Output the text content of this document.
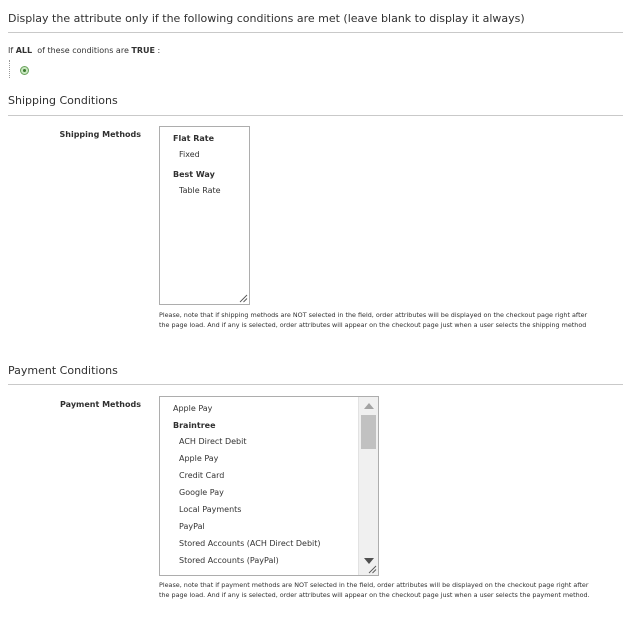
Display the attribute only if the following conditions are met (leave blank to display it always)
If ALL of these conditions are TRUE :
Shipping Conditions
Shipping Methods	Flat Rate
Fixed
Best Way
Table Rate
Please, note that if shipping methods are NOT selected in the field, order attributes will be displayed on the checkout page right after
the page load. And if any is selected, order attributes will appear on the checkout page just when a user selects the shipping method
Payment Conditions
Payment Methods	Apple Pay
Braintree
ACH Direct Debit
Apple Pay
Credit Card
Google Pay
Local Payments
PayPal
Stored Accounts (ACH Direct Debit)
Stored Accounts (PayPal)
Please, note that if payment methods are NOT selected in the field, order attributes will be displayed on the checkout page right after
the page load. And if any is selected, order attributes will appear on the checkout page just when a user selects the payment method.
